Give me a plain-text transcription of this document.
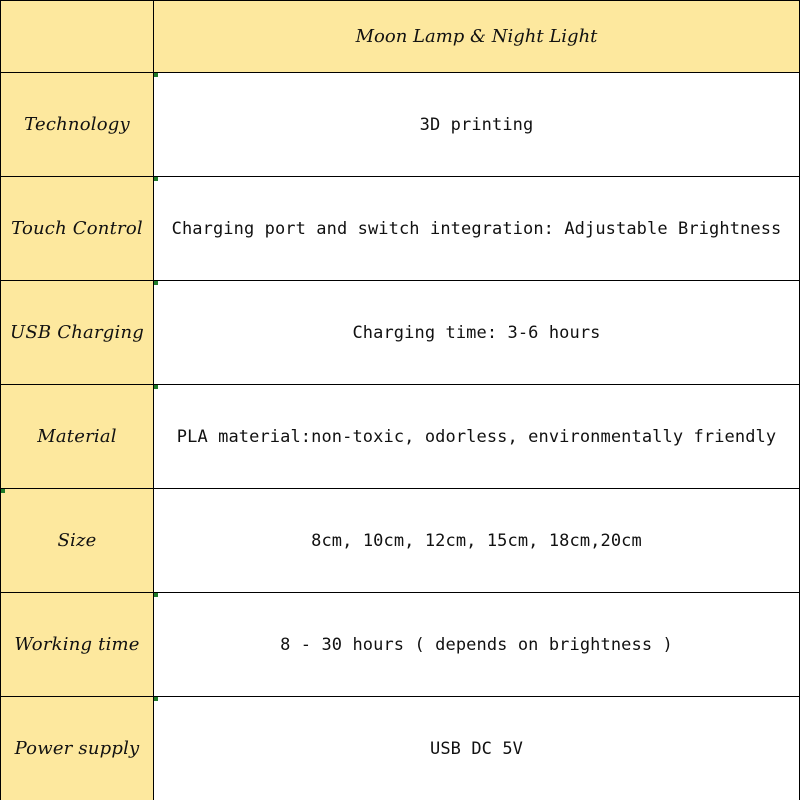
Moon Lamp & Night Light
Technology	3D printing
Touch Control	Charging port and switch integration: Adjustable Brightness
USB Charging	Charging time: 3-6 hours
Material	PLA material:non-toxic, odorless, environmentally friendly
Size	8cm, 10cm, 12cm, 15cm, 18cm,20cm
Working time	8 - 30 hours ( depends on brightness )
Power supply	USB DC 5V
